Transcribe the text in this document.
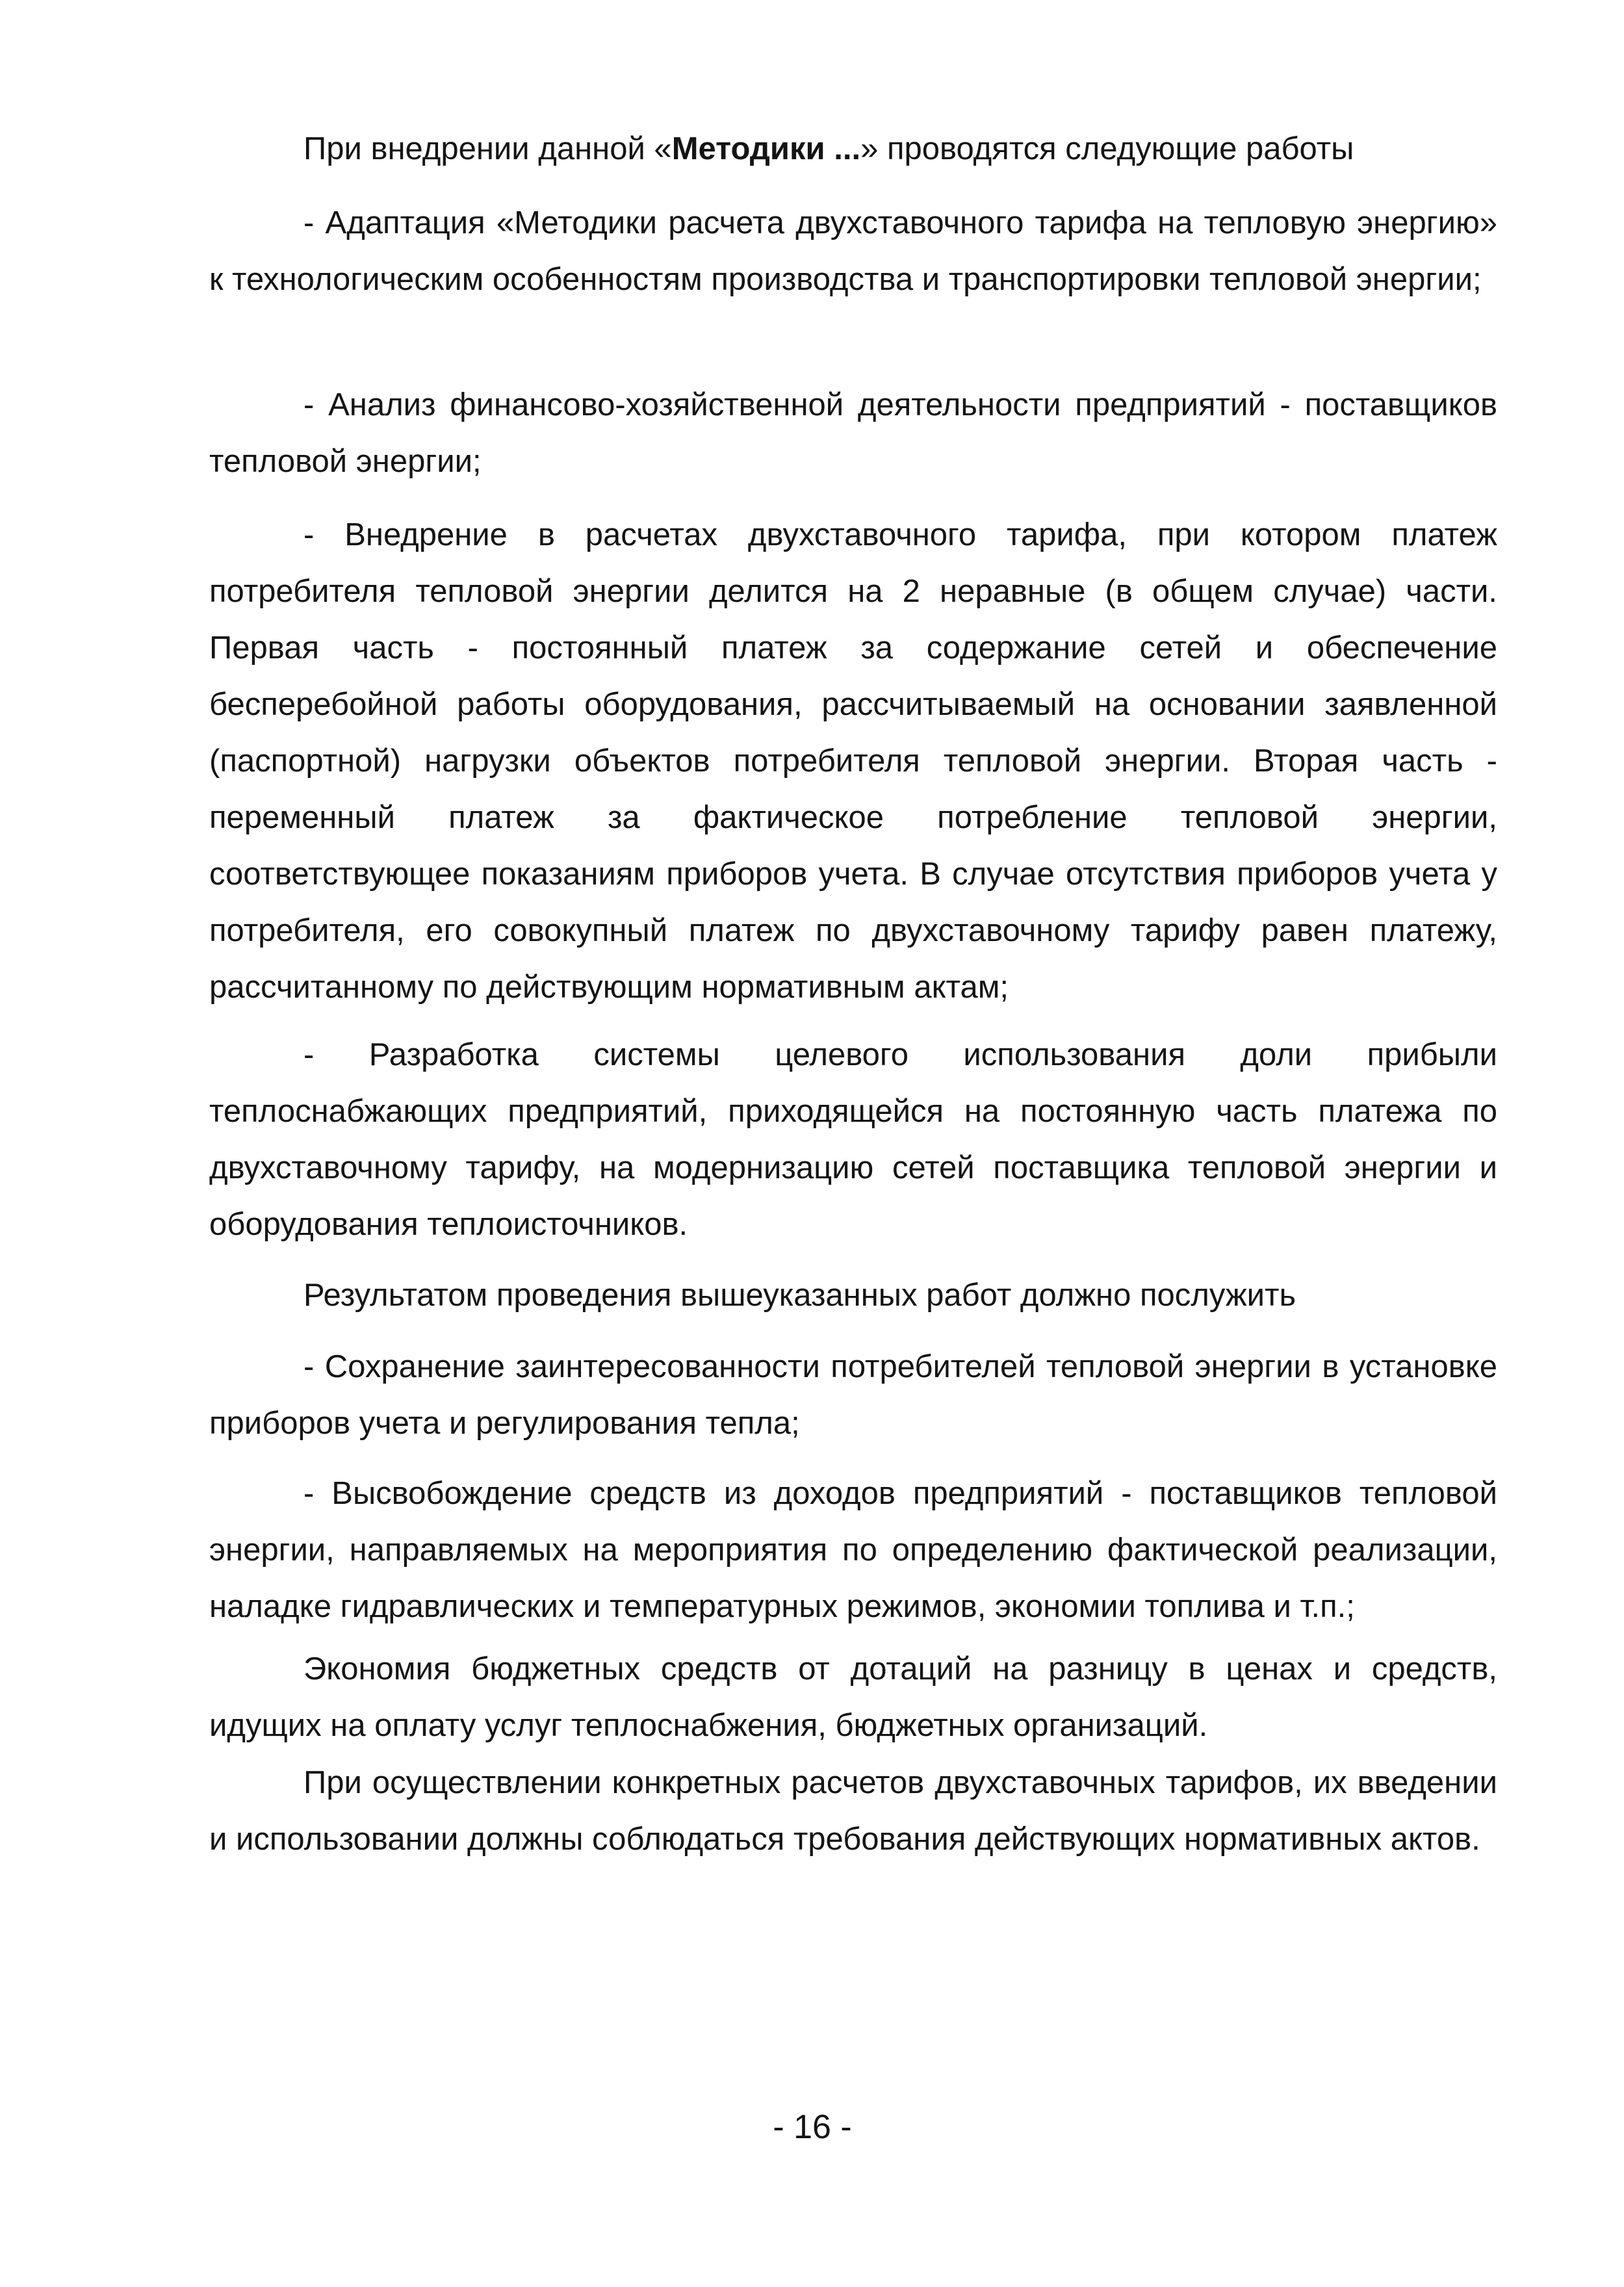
При внедрении данной «Методики ...» проводятся следующие работы

- Адаптация «Методики расчета двухставочного тарифа на тепловую энергию» к технологическим особенностям производства и транспортировки тепловой энергии;

- Анализ финансово-хозяйственной деятельности предприятий - поставщиков тепловой энергии;

- Внедрение в расчетах двухставочного тарифа, при котором платеж потребителя тепловой энергии делится на 2 неравные (в общем случае) части. Первая часть - постоянный платеж за содержание сетей и обеспечение бесперебойной работы оборудования, рассчитываемый на основании заявленной (паспортной) нагрузки объектов потребителя тепловой энергии. Вторая часть - переменный платеж за фактическое потребление тепловой энергии, соответствующее показаниям приборов учета. В случае отсутствия приборов учета у потребителя, его совокупный платеж по двухставочному тарифу равен платежу, рассчитанному по действующим нормативным актам;

- Разработка системы целевого использования доли прибыли теплоснабжающих предприятий, приходящейся на постоянную часть платежа по двухставочному тарифу, на модернизацию сетей поставщика тепловой энергии и оборудования теплоисточников.

Результатом проведения вышеуказанных работ должно послужить

- Сохранение заинтересованности потребителей тепловой энергии в установке приборов учета и регулирования тепла;

- Высвобождение средств из доходов предприятий - поставщиков тепловой энергии, направляемых на мероприятия по определению фактической реализации, наладке гидравлических и температурных режимов, экономии топлива и т.п.;

Экономия бюджетных средств от дотаций на разницу в ценах и средств, идущих на оплату услуг теплоснабжения, бюджетных организаций.

При осуществлении конкретных расчетов двухставочных тарифов, их введении и использовании должны соблюдаться требования действующих нормативных актов.

- 16 -
